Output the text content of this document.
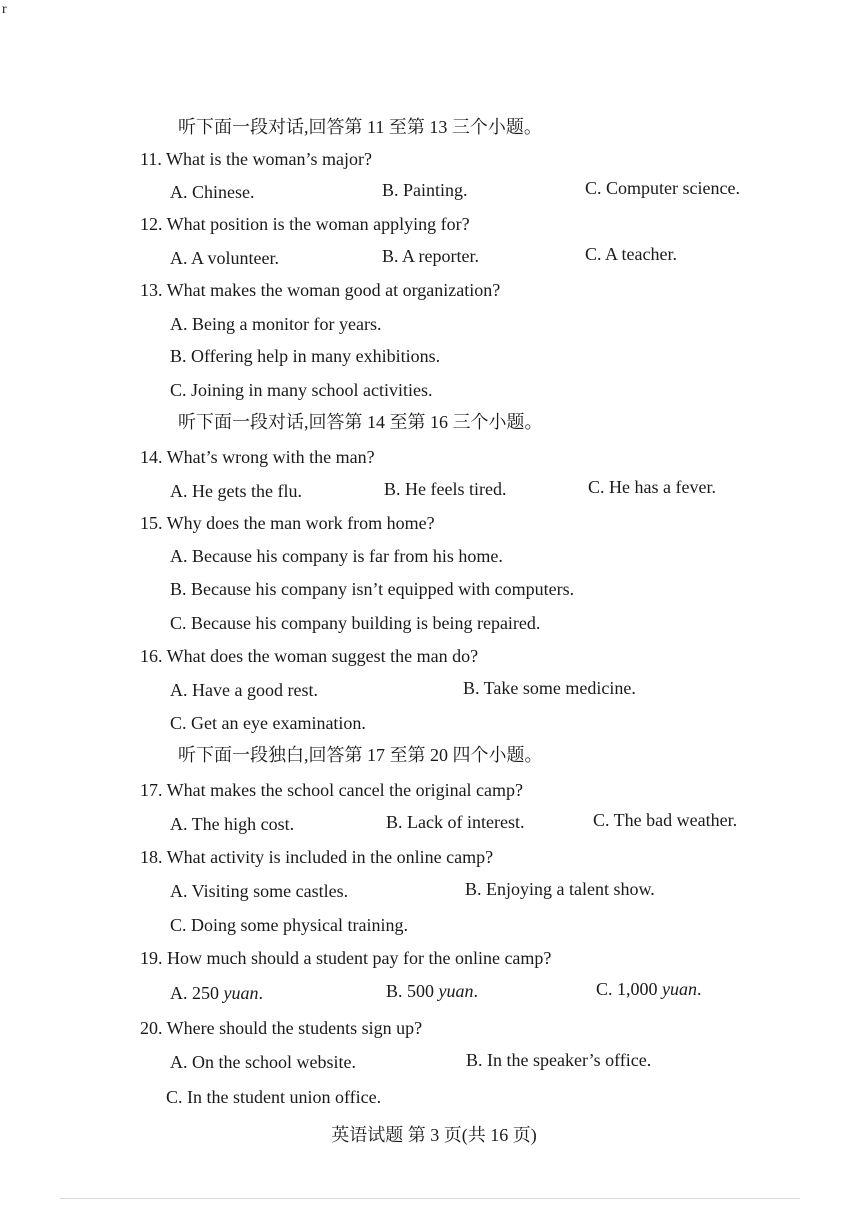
r
听下面一段对话,回答第 11 至第 13 三个小题。
11. What is the woman’s major?
A. Chinese.	B. Painting.	C. Computer science.
12. What position is the woman applying for?
A. A volunteer.	B. A reporter.	C. A teacher.
13. What makes the woman good at organization?
A. Being a monitor for years.
B. Offering help in many exhibitions.
C. Joining in many school activities.
听下面一段对话,回答第 14 至第 16 三个小题。
14. What’s wrong with the man?
A. He gets the flu.	B. He feels tired.	C. He has a fever.
15. Why does the man work from home?
A. Because his company is far from his home.
B. Because his company isn’t equipped with computers.
C. Because his company building is being repaired.
16. What does the woman suggest the man do?
A. Have a good rest.	B. Take some medicine.
C. Get an eye examination.
听下面一段独白,回答第 17 至第 20 四个小题。
17. What makes the school cancel the original camp?
A. The high cost.	B. Lack of interest.	C. The bad weather.
18. What activity is included in the online camp?
A. Visiting some castles.	B. Enjoying a talent show.
C. Doing some physical training.
19. How much should a student pay for the online camp?
A. 250 yuan.	B. 500 yuan.	C. 1,000 yuan.
20. Where should the students sign up?
A. On the school website.	B. In the speaker’s office.
C. In the student union office.
英语试题 第 3 页(共 16 页)
